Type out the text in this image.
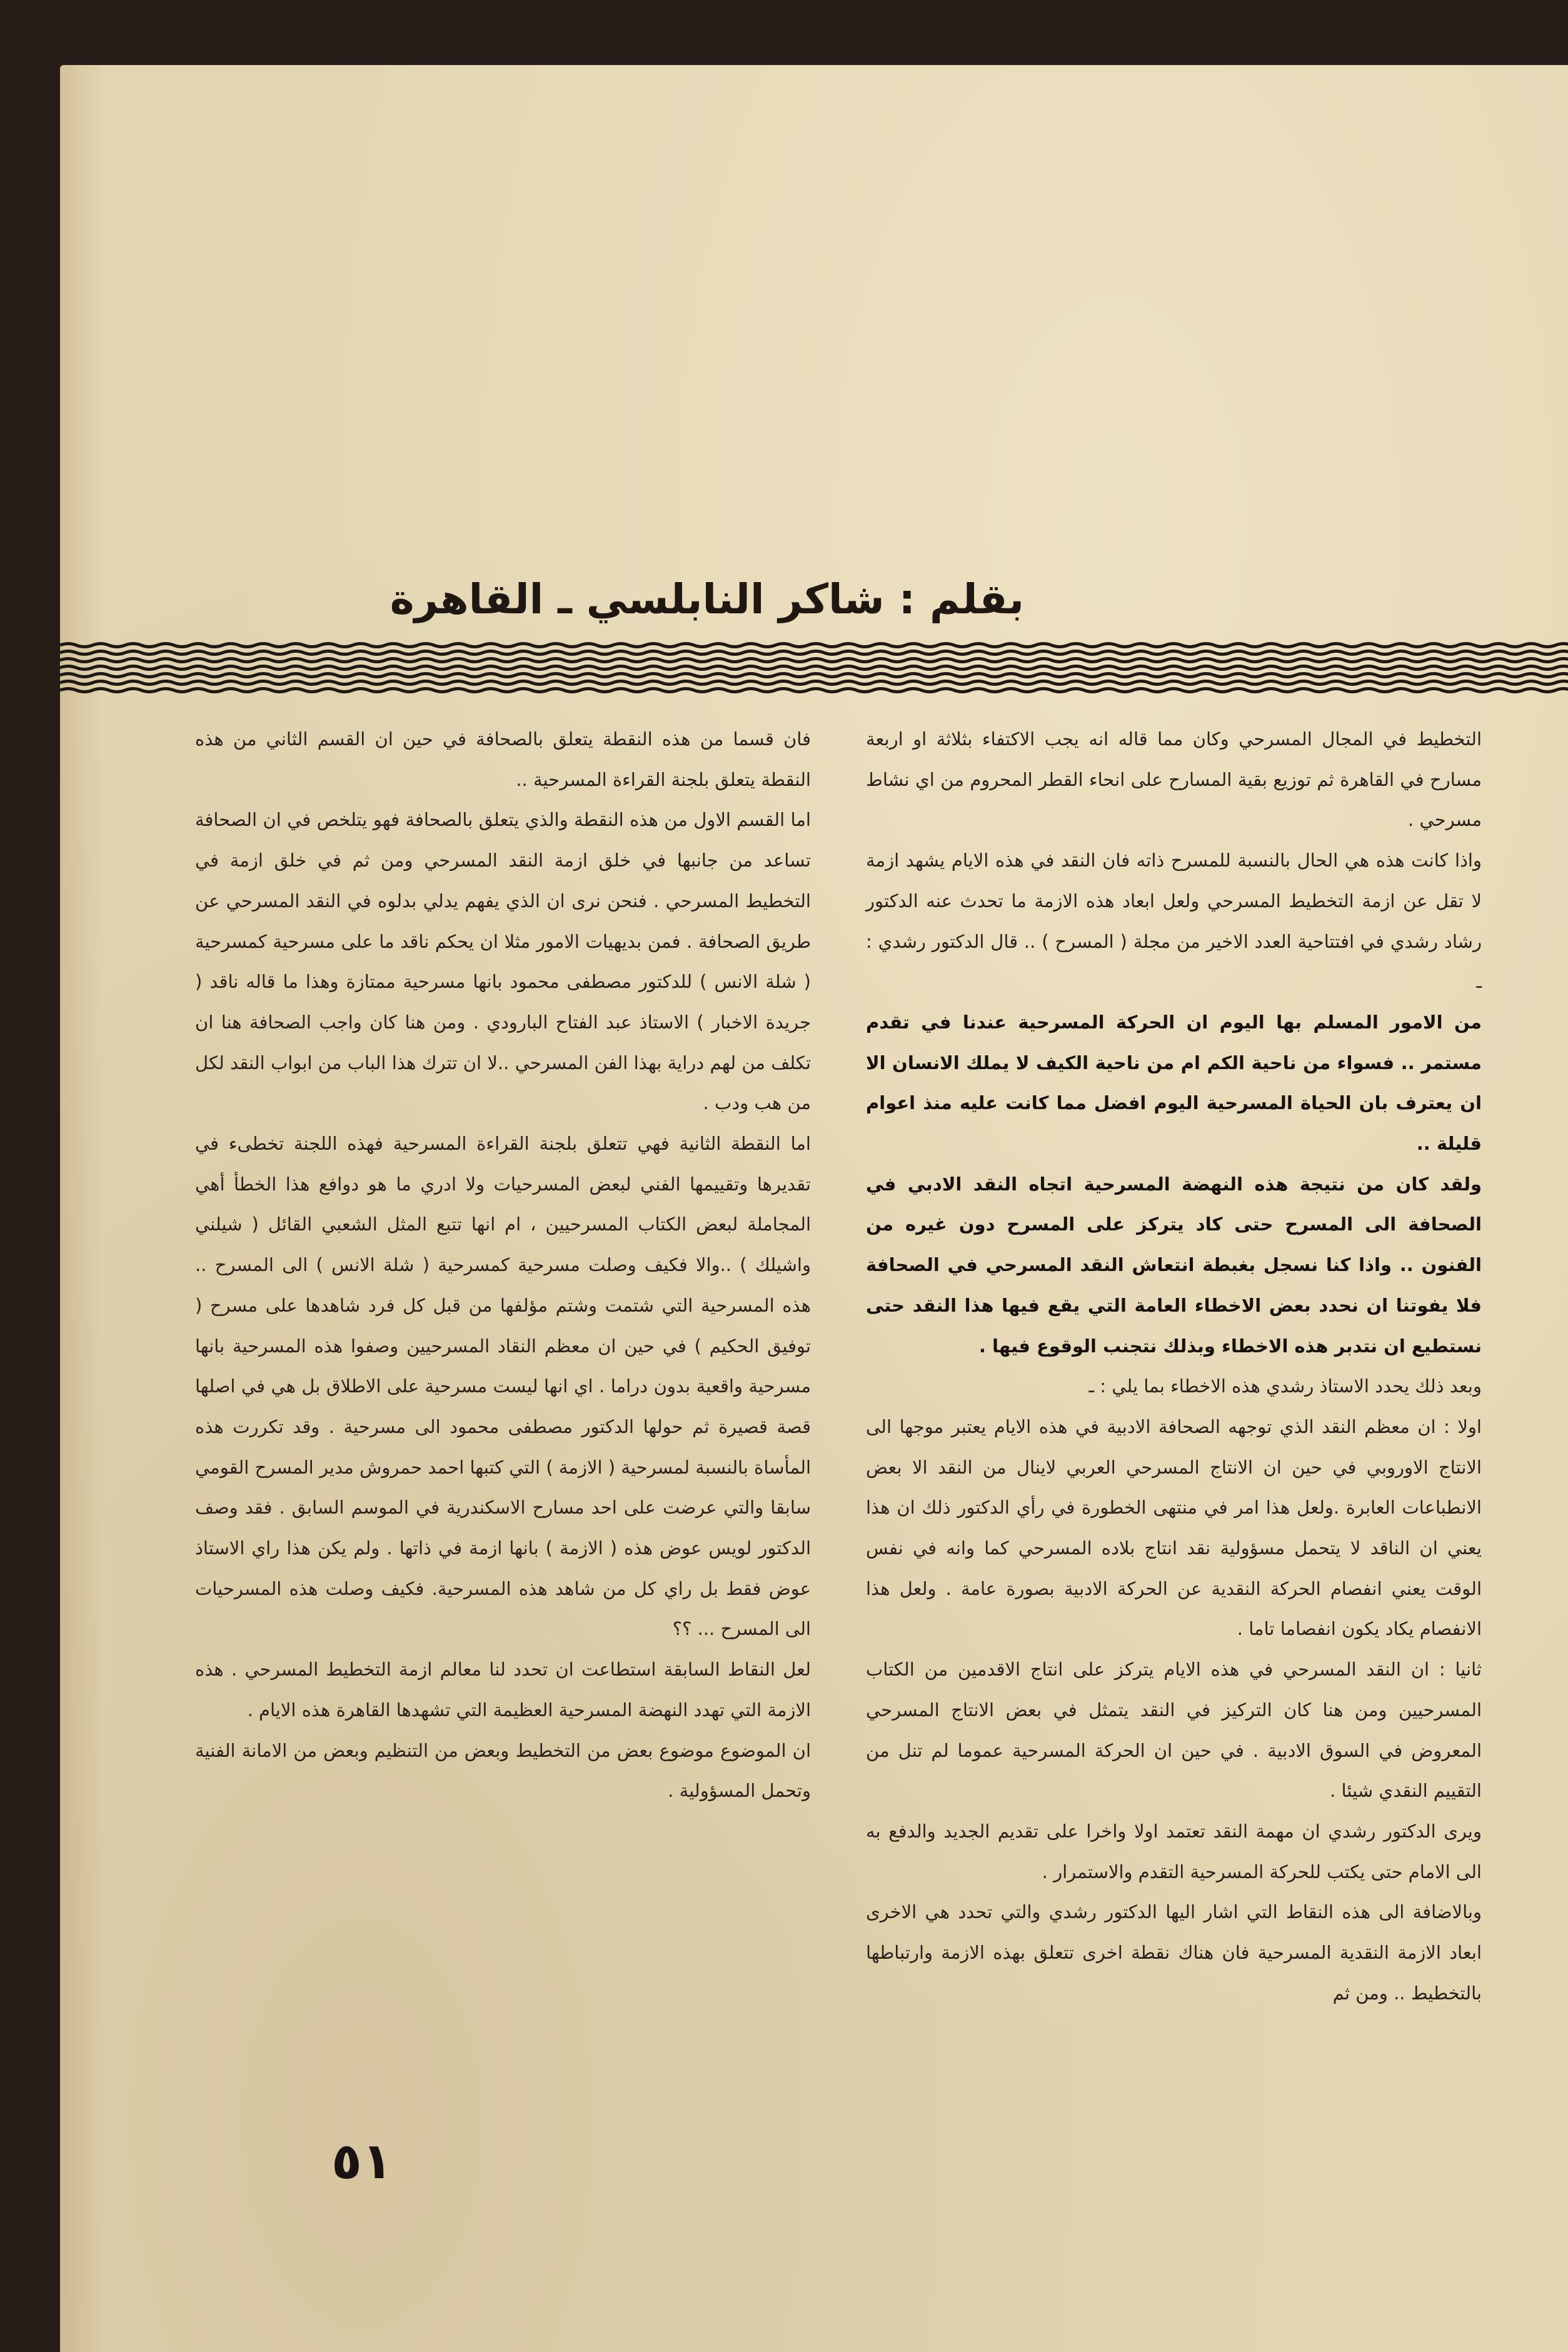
بقلم : شاكر النابلسي ـ القاهرة

التخطيط في المجال المسرحي وكان مما قاله انه يجب الاكتفاء بثلاثة او اربعة مسارح في القاهرة ثم توزيع بقية المسارح على انحاء القطر المحروم من اي نشاط مسرحي .

واذا كانت هذه هي الحال بالنسبة للمسرح ذاته فان النقد في هذه الايام يشهد ازمة لا تقل عن ازمة التخطيط المسرحي ولعل ابعاد هذه الازمة ما تحدث عنه الدكتور رشاد رشدي في افتتاحية العدد الاخير من مجلة ( المسرح ) .. قال الدكتور رشدي : ـ

من الامور المسلم بها اليوم ان الحركة المسرحية عندنا في تقدم مستمر .. فسواء من ناحية الكم ام من ناحية الكيف لا يملك الانسان الا ان يعترف بان الحياة المسرحية اليوم افضل مما كانت عليه منذ اعوام قليلة ..

ولقد كان من نتيجة هذه النهضة المسرحية اتجاه النقد الادبي في الصحافة الى المسرح حتى كاد يتركز على المسرح دون غيره من الفنون .. واذا كنا نسجل بغبطة انتعاش النقد المسرحي في الصحافة فلا يفوتنا ان نحدد بعض الاخطاء العامة التي يقع فيها هذا النقد حتى نستطيع ان نتدبر هذه الاخطاء وبذلك نتجنب الوقوع فيها .

وبعد ذلك يحدد الاستاذ رشدي هذه الاخطاء بما يلي : ـ

اولا : ان معظم النقد الذي توجهه الصحافة الادبية في هذه الايام يعتبر موجها الى الانتاج الاوروبي في حين ان الانتاج المسرحي العربي لاينال من النقد الا بعض الانطباعات العابرة .ولعل هذا امر في منتهى الخطورة في رأي الدكتور ذلك ان هذا يعني ان الناقد لا يتحمل مسؤولية نقد انتاج بلاده المسرحي كما وانه في نفس الوقت يعني انفصام الحركة النقدية عن الحركة الادبية بصورة عامة . ولعل هذا الانفصام يكاد يكون انفصاما تاما .

ثانيا : ان النقد المسرحي في هذه الايام يتركز على انتاج الاقدمين من الكتاب المسرحيين ومن هنا كان التركيز في النقد يتمثل في بعض الانتاج المسرحي المعروض في السوق الادبية . في حين ان الحركة المسرحية عموما لم تنل من التقييم النقدي شيئا .

ويرى الدكتور رشدي ان مهمة النقد تعتمد اولا واخرا على تقديم الجديد والدفع به الى الامام حتى يكتب للحركة المسرحية التقدم والاستمرار .

وبالاضافة الى هذه النقاط التي اشار اليها الدكتور رشدي والتي تحدد هي الاخرى ابعاد الازمة النقدية المسرحية فان هناك نقطة اخرى تتعلق بهذه الازمة وارتباطها بالتخطيط .. ومن ثم

فان قسما من هذه النقطة يتعلق بالصحافة في حين ان القسم الثاني من هذه النقطة يتعلق بلجنة القراءة المسرحية ..

اما القسم الاول من هذه النقطة والذي يتعلق بالصحافة فهو يتلخص في ان الصحافة تساعد من جانبها في خلق ازمة النقد المسرحي ومن ثم في خلق ازمة في التخطيط المسرحي . فنحن نرى ان الذي يفهم يدلي بدلوه في النقد المسرحي عن طريق الصحافة . فمن بديهيات الامور مثلا ان يحكم ناقد ما على مسرحية كمسرحية ( شلة الانس ) للدكتور مصطفى محمود بانها مسرحية ممتازة وهذا ما قاله ناقد ( جريدة الاخبار ) الاستاذ عبد الفتاح البارودي . ومن هنا كان واجب الصحافة هنا ان تكلف من لهم دراية بهذا الفن المسرحي ..لا ان تترك هذا الباب من ابواب النقد لكل من هب ودب .

اما النقطة الثانية فهي تتعلق بلجنة القراءة المسرحية فهذه اللجنة تخطىء في تقديرها وتقييمها الفني لبعض المسرحيات ولا ادري ما هو دوافع هذا الخطأ أهي المجاملة لبعض الكتاب المسرحيين ، ام انها تتبع المثل الشعبي القائل ( شيلني واشيلك ) ..والا فكيف وصلت مسرحية كمسرحية ( شلة الانس ) الى المسرح .. هذه المسرحية التي شتمت وشتم مؤلفها من قبل كل فرد شاهدها على مسرح ( توفيق الحكيم ) في حين ان معظم النقاد المسرحيين وصفوا هذه المسرحية بانها مسرحية واقعية بدون دراما . اي انها ليست مسرحية على الاطلاق بل هي في اصلها قصة قصيرة ثم حولها الدكتور مصطفى محمود الى مسرحية . وقد تكررت هذه المأساة بالنسبة لمسرحية ( الازمة ) التي كتبها احمد حمروش مدير المسرح القومي سابقا والتي عرضت على احد مسارح الاسكندرية في الموسم السابق . فقد وصف الدكتور لويس عوض هذه ( الازمة ) بانها ازمة في ذاتها . ولم يكن هذا راي الاستاذ عوض فقط بل راي كل من شاهد هذه المسرحية. فكيف وصلت هذه المسرحيات الى المسرح ... ؟؟

لعل النقاط السابقة استطاعت ان تحدد لنا معالم ازمة التخطيط المسرحي . هذه الازمة التي تهدد النهضة المسرحية العظيمة التي تشهدها القاهرة هذه الايام .

ان الموضوع موضوع بعض من التخطيط وبعض من التنظيم وبعض من الامانة الفنية وتحمل المسؤولية .

٥١
